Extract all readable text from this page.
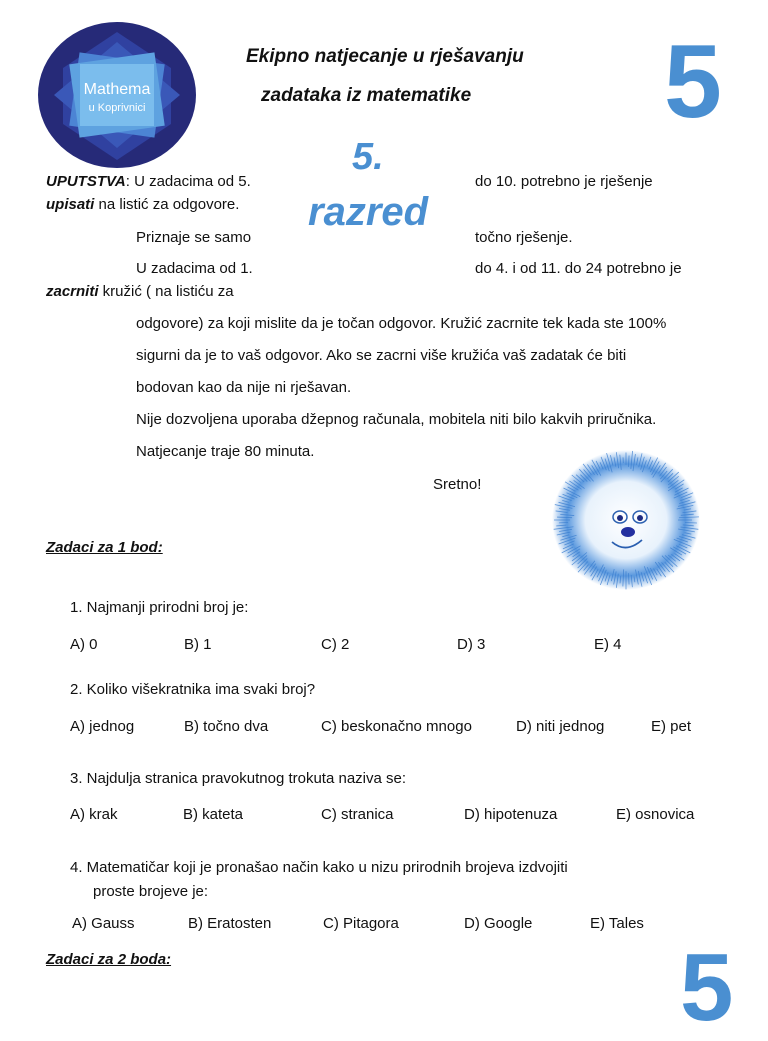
Mathema
u Koprivnici
Ekipno natjecanje u rješavanju
zadataka iz matematike 5
5.
razred
UPUTSTVA: U zadacima od 5.	do 10. potrebno je rješenje
upisati na listić za odgovore.
Priznaje se samo	točno rješenje.
U zadacima od 1.	do 4. i od 11. do 24 potrebno je
zacrniti kružić ( na listiću za
odgovore) za koji mislite da je točan odgovor. Kružić zacrnite tek kada ste 100%
sigurni da je to vaš odgovor. Ako se zacrni više kružića vaš zadatak će biti
bodovan kao da nije ni rješavan.
Nije dozvoljena uporaba džepnog računala, mobitela niti bilo kakvih priručnika.
Natjecanje traje 80 minuta.
Sretno!
Zadaci za 1 bod:
1. Najmanji prirodni broj je:
A) 0	B) 1	C) 2	D) 3	E) 4
2. Koliko višekratnika ima svaki broj?
A) jednog	B) točno dva	C) beskonačno mnogo	D) niti jednog	E) pet
3. Najdulja stranica pravokutnog trokuta naziva se:
A) krak	B) kateta	C) stranica	D) hipotenuza	E) osnovica
4. Matematičar koji je pronašao način kako u nizu prirodnih brojeva izdvojiti
proste brojeve je:
A) Gauss	B) Eratosten	C) Pitagora	D) Google	E) Tales
Zadaci za 2 boda:	5
